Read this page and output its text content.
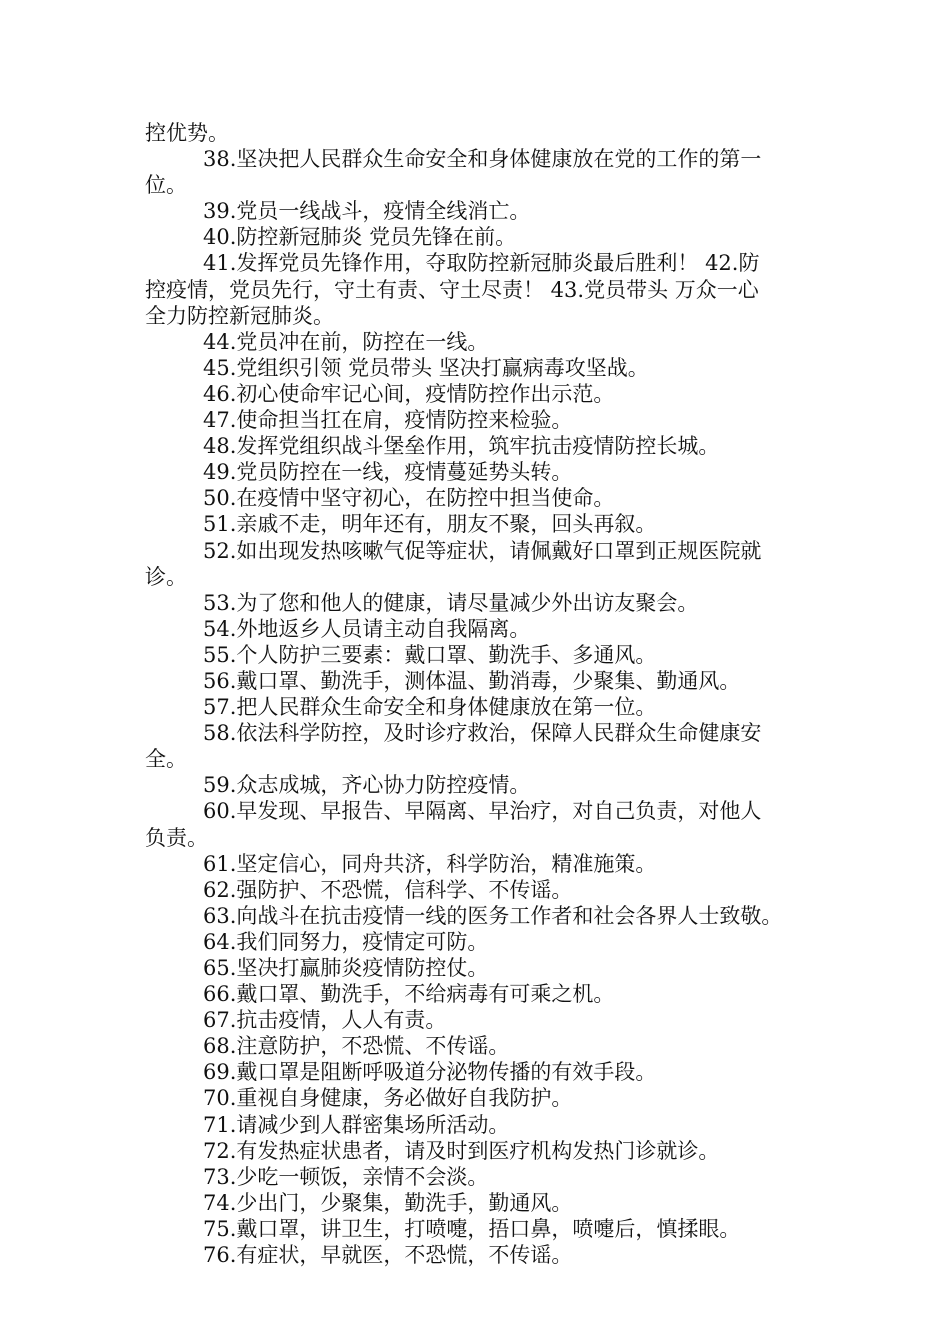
控优势。
38.坚决把人民群众生命安全和身体健康放在党的工作的第一
位。
39.党员一线战斗，疫情全线消亡。
40.防控新冠肺炎 党员先锋在前。
41.发挥党员先锋作用，夺取防控新冠肺炎最后胜利！ 42.防
控疫情，党员先行，守土有责、守土尽责！ 43.党员带头 万众一心
全力防控新冠肺炎。
44.党员冲在前，防控在一线。
45.党组织引领 党员带头 坚决打赢病毒攻坚战。
46.初心使命牢记心间，疫情防控作出示范。
47.使命担当扛在肩，疫情防控来检验。
48.发挥党组织战斗堡垒作用，筑牢抗击疫情防控长城。
49.党员防控在一线，疫情蔓延势头转。
50.在疫情中坚守初心，在防控中担当使命。
51.亲戚不走，明年还有，朋友不聚，回头再叙。
52.如出现发热咳嗽气促等症状，请佩戴好口罩到正规医院就
诊。
53.为了您和他人的健康，请尽量减少外出访友聚会。
54.外地返乡人员请主动自我隔离。
55.个人防护三要素：戴口罩、勤洗手、多通风。
56.戴口罩、勤洗手，测体温、勤消毒，少聚集、勤通风。
57.把人民群众生命安全和身体健康放在第一位。
58.依法科学防控，及时诊疗救治，保障人民群众生命健康安
全。
59.众志成城，齐心协力防控疫情。
60.早发现、早报告、早隔离、早治疗，对自己负责，对他人
负责。
61.坚定信心，同舟共济，科学防治，精准施策。
62.强防护、不恐慌，信科学、不传谣。
63.向战斗在抗击疫情一线的医务工作者和社会各界人士致敬。
64.我们同努力，疫情定可防。
65.坚决打赢肺炎疫情防控仗。
66.戴口罩、勤洗手，不给病毒有可乘之机。
67.抗击疫情，人人有责。
68.注意防护，不恐慌、不传谣。
69.戴口罩是阻断呼吸道分泌物传播的有效手段。
70.重视自身健康，务必做好自我防护。
71.请减少到人群密集场所活动。
72.有发热症状患者，请及时到医疗机构发热门诊就诊。
73.少吃一顿饭，亲情不会淡。
74.少出门，少聚集，勤洗手，勤通风。
75.戴口罩，讲卫生，打喷嚏，捂口鼻，喷嚏后，慎揉眼。
76.有症状，早就医，不恐慌，不传谣。
